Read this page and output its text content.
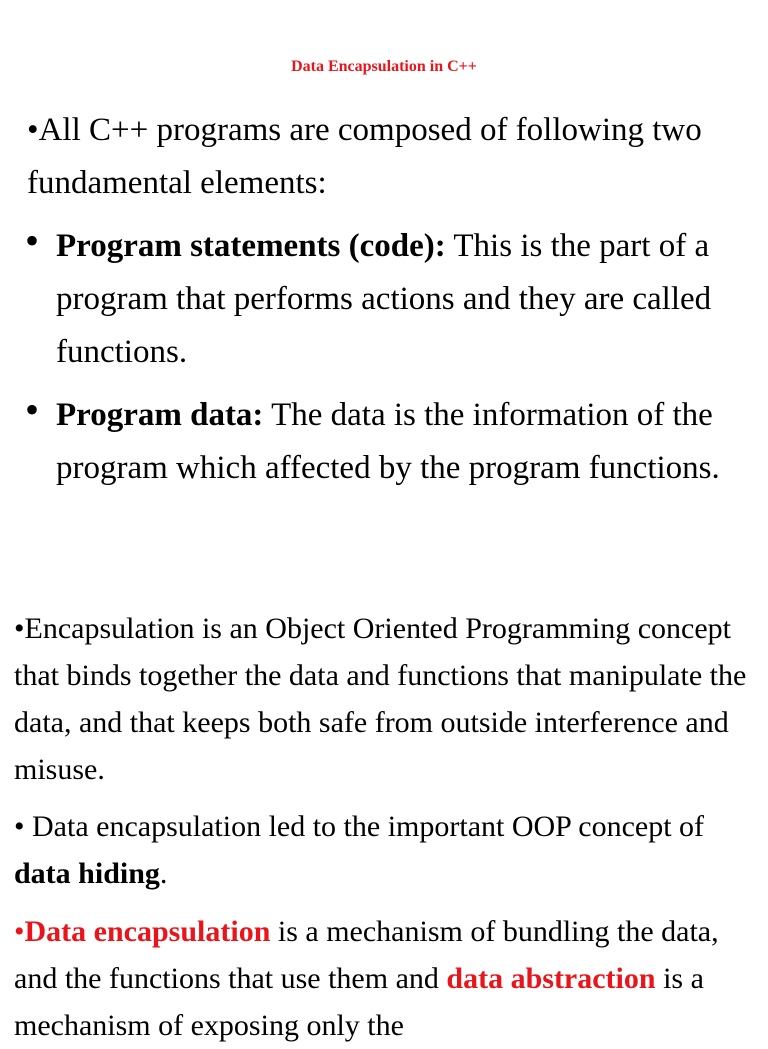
Data Encapsulation in C++
•All C++ programs are composed of following two fundamental elements:
• Program statements (code): This is the part of a program that performs actions and they are called functions.
• Program data: The data is the information of the program which affected by the program functions.
•Encapsulation is an Object Oriented Programming concept that binds together the data and functions that manipulate the data, and that keeps both safe from outside interference and misuse.
• Data encapsulation led to the important OOP concept of data hiding.
•Data encapsulation is a mechanism of bundling the data, and the functions that use them and data abstraction is a mechanism of exposing only the
